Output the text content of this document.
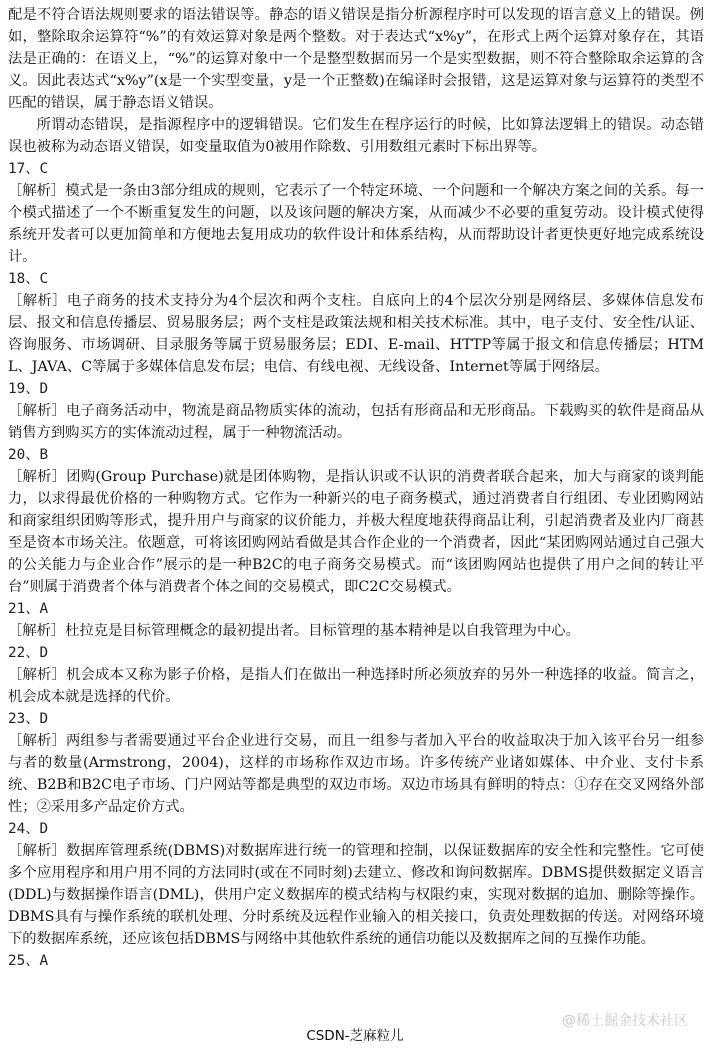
配是不符合语法规则要求的语法错误等。静态的语义错误是指分析源程序时可以发现的语言意义上的错误。例如，整除取余运算符“%”的有效运算对象是两个整数。对于表达式“x%y”，在形式上两个运算对象存在，其语法是正确的：在语义上，“%”的运算对象中一个是整型数据而另一个是实型数据，则不符合整除取余运算的含义。因此表达式“x%y”(x是一个实型变量，y是一个正整数)在编译时会报错，这是运算对象与运算符的类型不匹配的错误，属于静态语义错误。

所谓动态错误，是指源程序中的逻辑错误。它们发生在程序运行的时候，比如算法逻辑上的错误。动态错误也被称为动态语义错误，如变量取值为0被用作除数、引用数组元素时下标出界等。

17、C

［解析］模式是一条由3部分组成的规则，它表示了一个特定环境、一个问题和一个解决方案之间的关系。每一个模式描述了一个不断重复发生的问题，以及该问题的解决方案，从而减少不必要的重复劳动。设计模式使得系统开发者可以更加简单和方便地去复用成功的软件设计和体系结构，从而帮助设计者更快更好地完成系统设计。

18、C

［解析］电子商务的技术支持分为4个层次和两个支柱。自底向上的4个层次分别是网络层、多媒体信息发布层、报文和信息传播层、贸易服务层；两个支柱是政策法规和相关技术标准。其中，电子支付、安全性/认证、咨询服务、市场调研、目录服务等属于贸易服务层；EDI、E-mail、HTTP等属于报文和信息传播层；HTML、JAVA、C等属于多媒体信息发布层；电信、有线电视、无线设备、Internet等属于网络层。

19、D

［解析］电子商务活动中，物流是商品物质实体的流动，包括有形商品和无形商品。下载购买的软件是商品从销售方到购买方的实体流动过程，属于一种物流活动。

20、B

［解析］团购(Group Purchase)就是团体购物，是指认识或不认识的消费者联合起来，加大与商家的谈判能力，以求得最优价格的一种购物方式。它作为一种新兴的电子商务模式，通过消费者自行组团、专业团购网站和商家组织团购等形式，提升用户与商家的议价能力，并极大程度地获得商品让利，引起消费者及业内厂商甚至是资本市场关注。依题意，可将该团购网站看做是其合作企业的一个消费者，因此“某团购网站通过自己强大的公关能力与企业合作”展示的是一种B2C的电子商务交易模式。而“该团购网站也提供了用户之间的转让平台”则属于消费者个体与消费者个体之间的交易模式，即C2C交易模式。

21、A

［解析］杜拉克是目标管理概念的最初提出者。目标管理的基本精神是以自我管理为中心。

22、D

［解析］机会成本又称为影子价格，是指人们在做出一种选择时所必须放弃的另外一种选择的收益。简言之，机会成本就是选择的代价。

23、D

［解析］两组参与者需要通过平台企业进行交易，而且一组参与者加入平台的收益取决于加入该平台另一组参与者的数量(Armstrong，2004)，这样的市场称作双边市场。许多传统产业诸如媒体、中介业、支付卡系统、B2B和B2C电子市场、门户网站等都是典型的双边市场。双边市场具有鲜明的特点：①存在交叉网络外部性；②采用多产品定价方式。

24、D

［解析］数据库管理系统(DBMS)对数据库进行统一的管理和控制，以保证数据库的安全性和完整性。它可使多个应用程序和用户用不同的方法同时(或在不同时刻)去建立、修改和询问数据库。DBMS提供数据定义语言(DDL)与数据操作语言(DML)，供用户定义数据库的模式结构与权限约束，实现对数据的追加、删除等操作。DBMS具有与操作系统的联机处理、分时系统及远程作业输入的相关接口，负责处理数据的传送。对网络环境下的数据库系统，还应该包括DBMS与网络中其他软件系统的通信功能以及数据库之间的互操作功能。

25、A

CSDN-芝麻粒儿
@稀土掘金技术社区
